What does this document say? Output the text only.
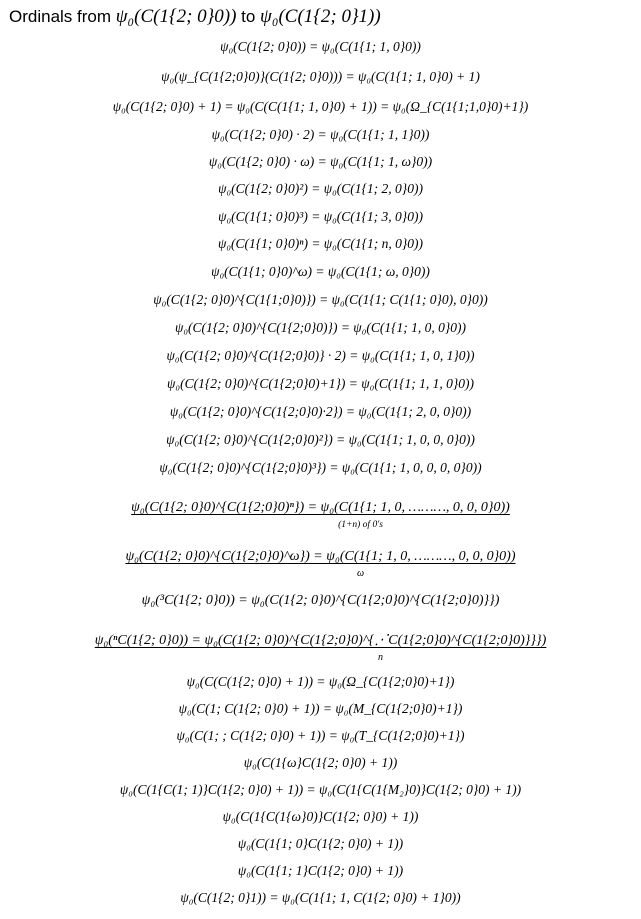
Ordinals from ψ₀(C(1{2; 0}0)) to ψ₀(C(1{2; 0}1))
ψ₀(C(1{2; 0}0)) = ψ₀(C(1{1; 1, 0}0))
ψ₀(ψ_{C(1{2;0}0)}(C(1{2; 0}0))) = ψ₀(C(1{1; 1, 0}0) + 1)
ψ₀(C(1{2; 0}0) + 1) = ψ₀(C(C(1{1; 1, 0}0) + 1)) = ψ₀(Ω_{C(1{1;1,0}0)+1})
ψ₀(C(1{2; 0}0) · 2) = ψ₀(C(1{1; 1, 1}0))
ψ₀(C(1{2; 0}0) · ω) = ψ₀(C(1{1; 1, ω}0))
ψ₀(C(1{2; 0}0)²) = ψ₀(C(1{1; 2, 0}0))
ψ₀(C(1{1; 0}0)³) = ψ₀(C(1{1; 3, 0}0))
ψ₀(C(1{1; 0}0)ⁿ) = ψ₀(C(1{1; n, 0}0))
ψ₀(C(1{1; 0}0)^ω) = ψ₀(C(1{1; ω, 0}0))
ψ₀(C(1{2; 0}0)^{C(1{1;0}0)}) = ψ₀(C(1{1; C(1{1; 0}0), 0}0))
ψ₀(C(1{2; 0}0)^{C(1{2;0}0)}) = ψ₀(C(1{1; 1, 0, 0}0))
ψ₀(C(1{2; 0}0)^{C(1{2;0}0)} · 2) = ψ₀(C(1{1; 1, 0, 1}0))
ψ₀(C(1{2; 0}0)^{C(1{2;0}0)+1}) = ψ₀(C(1{1; 1, 1, 0}0))
ψ₀(C(1{2; 0}0)^{C(1{2;0}0)·2}) = ψ₀(C(1{1; 2, 0, 0}0))
ψ₀(C(1{2; 0}0)^{C(1{2;0}0)²}) = ψ₀(C(1{1; 1, 0, 0, 0}0))
ψ₀(C(1{2; 0}0)^{C(1{2;0}0)³}) = ψ₀(C(1{1; 1, 0, 0, 0, 0}0))
ψ₀(C(1{2; 0}0)^{C(1{2;0}0)ⁿ}) = ψ₀(C(1{1; 1, 0, ………, 0, 0, 0}0))
(1+n) of 0's
ψ₀(C(1{2; 0}0)^{C(1{2;0}0)^ω}) = ψ₀(C(1{1; 1, 0, ………, 0, 0, 0}0))
ω
ψ₀(³C(1{2; 0}0)) = ψ₀(C(1{2; 0}0)^{C(1{2;0}0)^{C(1{2;0}0)}})
ψ₀(ⁿC(1{2; 0}0)) = ψ₀(C(1{2; 0}0)^{C(1{2;0}0)^{⋰C(1{2;0}0)^{C(1{2;0}0)}}})
n
ψ₀(C(C(1{2; 0}0) + 1)) = ψ₀(Ω_{C(1{2;0}0)+1})
ψ₀(C(1; C(1{2; 0}0) + 1)) = ψ₀(M_{C(1{2;0}0)+1})
ψ₀(C(1; ; C(1{2; 0}0) + 1)) = ψ₀(T_{C(1{2;0}0)+1})
ψ₀(C(1{ω}C(1{2; 0}0) + 1))
ψ₀(C(1{C(1; 1)}C(1{2; 0}0) + 1)) = ψ₀(C(1{C(1{M₂}0)}C(1{2; 0}0) + 1))
ψ₀(C(1{C(1{ω}0)}C(1{2; 0}0) + 1))
ψ₀(C(1{1; 0}C(1{2; 0}0) + 1))
ψ₀(C(1{1; 1}C(1{2; 0}0) + 1))
ψ₀(C(1{2; 0}1)) = ψ₀(C(1{1; 1, C(1{2; 0}0) + 1}0))
